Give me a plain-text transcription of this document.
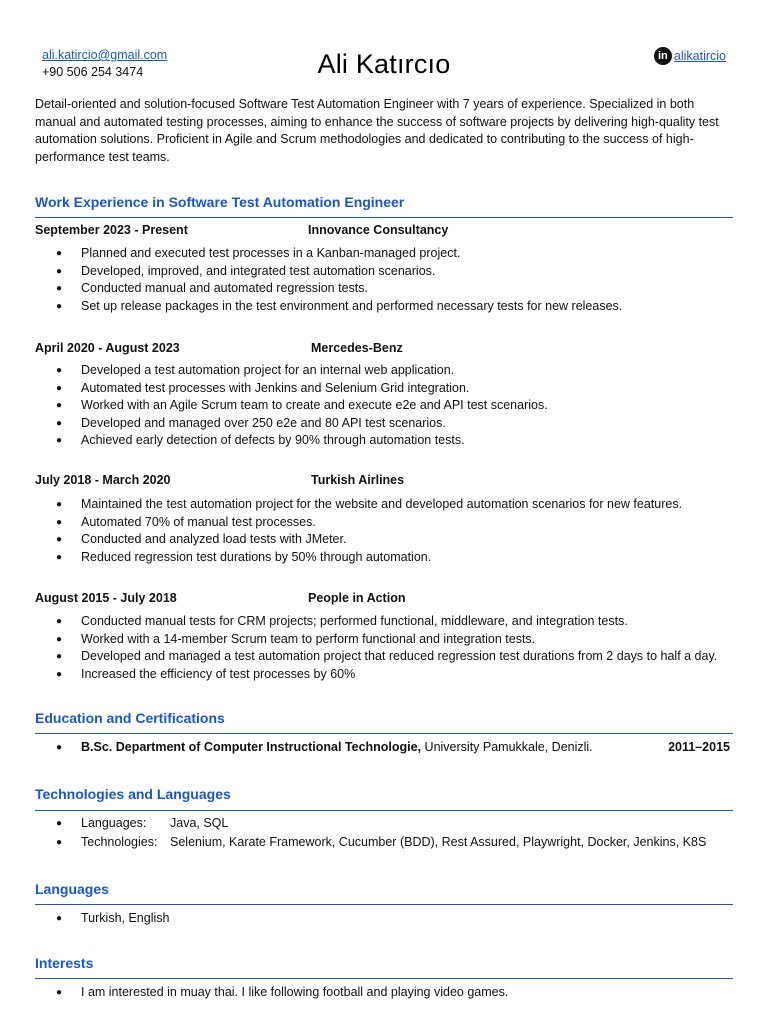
ali.katircio@gmail.com
+90 506 254 3474	Ali Katırcıo	in alikatircio
Detail-oriented and solution-focused Software Test Automation Engineer with 7 years of experience. Specialized in both manual and automated testing processes, aiming to enhance the success of software projects by delivering high-quality test automation solutions. Proficient in Agile and Scrum methodologies and dedicated to contributing to the success of high-performance test teams.
Work Experience in Software Test Automation Engineer
September 2023 - Present	Innovance Consultancy
● Planned and executed test processes in a Kanban-managed project.
● Developed, improved, and integrated test automation scenarios.
● Conducted manual and automated regression tests.
● Set up release packages in the test environment and performed necessary tests for new releases.
April 2020 - August 2023	Mercedes-Benz
● Developed a test automation project for an internal web application.
● Automated test processes with Jenkins and Selenium Grid integration.
● Worked with an Agile Scrum team to create and execute e2e and API test scenarios.
● Developed and managed over 250 e2e and 80 API test scenarios.
● Achieved early detection of defects by 90% through automation tests.
July 2018 - March 2020	Turkish Airlines
● Maintained the test automation project for the website and developed automation scenarios for new features.
● Automated 70% of manual test processes.
● Conducted and analyzed load tests with JMeter.
● Reduced regression test durations by 50% through automation.
August 2015 - July 2018	People in Action
● Conducted manual tests for CRM projects; performed functional, middleware, and integration tests.
● Worked with a 14-member Scrum team to perform functional and integration tests.
● Developed and managed a test automation project that reduced regression test durations from 2 days to half a day.
● Increased the efficiency of test processes by 60%
Education and Certifications
● B.Sc. Department of Computer Instructional Technologie, University Pamukkale, Denizli.	2011–2015
Technologies and Languages
● Languages: Java, SQL
● Technologies: Selenium, Karate Framework, Cucumber (BDD), Rest Assured, Playwright, Docker, Jenkins, K8S
Languages
● Turkish, English
Interests
● I am interested in muay thai. I like following football and playing video games.
